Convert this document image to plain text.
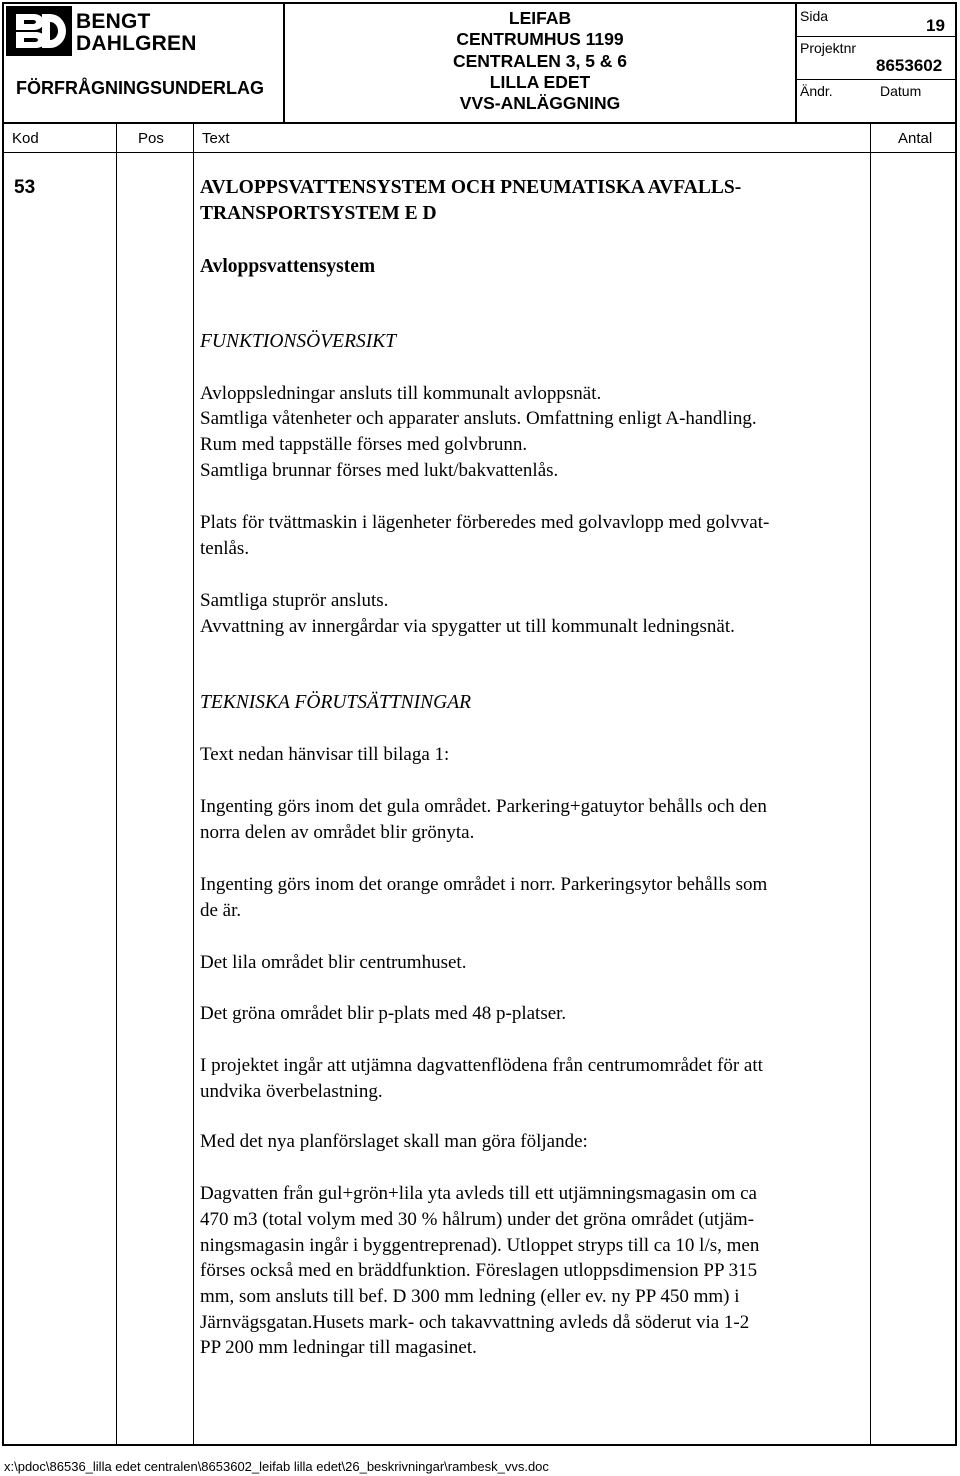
BENGT
DAHLGREN
FÖRFRÅGNINGSUNDERLAG
LEIFAB
CENTRUMHUS 1199
CENTRALEN 3, 5 & 6
LILLA EDET
VVS-ANLÄGGNING
Sida	19
Projektnr
8653602
Ändr.	Datum
Kod	Pos	Text	Antal
53	AVLOPPSVATTENSYSTEM OCH PNEUMATISKA AVFALLS-

TRANSPORTSYSTEM E D

Avloppsvattensystem

FUNKTIONSÖVERSIKT

Avloppsledningar ansluts till kommunalt avloppsnät.

Samtliga våtenheter och apparater ansluts. Omfattning enligt A-handling.

Rum med tappställe förses med golvbrunn.

Samtliga brunnar förses med lukt/bakvattenlås.

Plats för tvättmaskin i lägenheter förberedes med golvavlopp med golvvat-

tenlås.

Samtliga stuprör ansluts.

Avvattning av innergårdar via spygatter ut till kommunalt ledningsnät.

TEKNISKA FÖRUTSÄTTNINGAR

Text nedan hänvisar till bilaga 1:

Ingenting görs inom det gula området. Parkering+gatuytor behålls och den

norra delen av området blir grönyta.

Ingenting görs inom det orange området i norr. Parkeringsytor behålls som

de är.

Det lila området blir centrumhuset.

Det gröna området blir p-plats med 48 p-platser.

I projektet ingår att utjämna dagvattenflödena från centrumområdet för att

undvika överbelastning.

Med det nya planförslaget skall man göra följande:

Dagvatten från gul+grön+lila yta avleds till ett utjämningsmagasin om ca

470 m3 (total volym med 30 % hålrum) under det gröna området (utjäm-

ningsmagasin ingår i byggentreprenad). Utloppet stryps till ca 10 l/s, men

förses också med en bräddfunktion. Föreslagen utloppsdimension PP 315

mm, som ansluts till bef. D 300 mm ledning (eller ev. ny PP 450 mm) i

Järnvägsgatan.Husets mark- och takavvattning avleds då söderut via 1-2

PP 200 mm ledningar till magasinet.

x:\pdoc\86536_lilla edet centralen\8653602_leifab lilla edet\26_beskrivningar\rambesk_vvs.doc
